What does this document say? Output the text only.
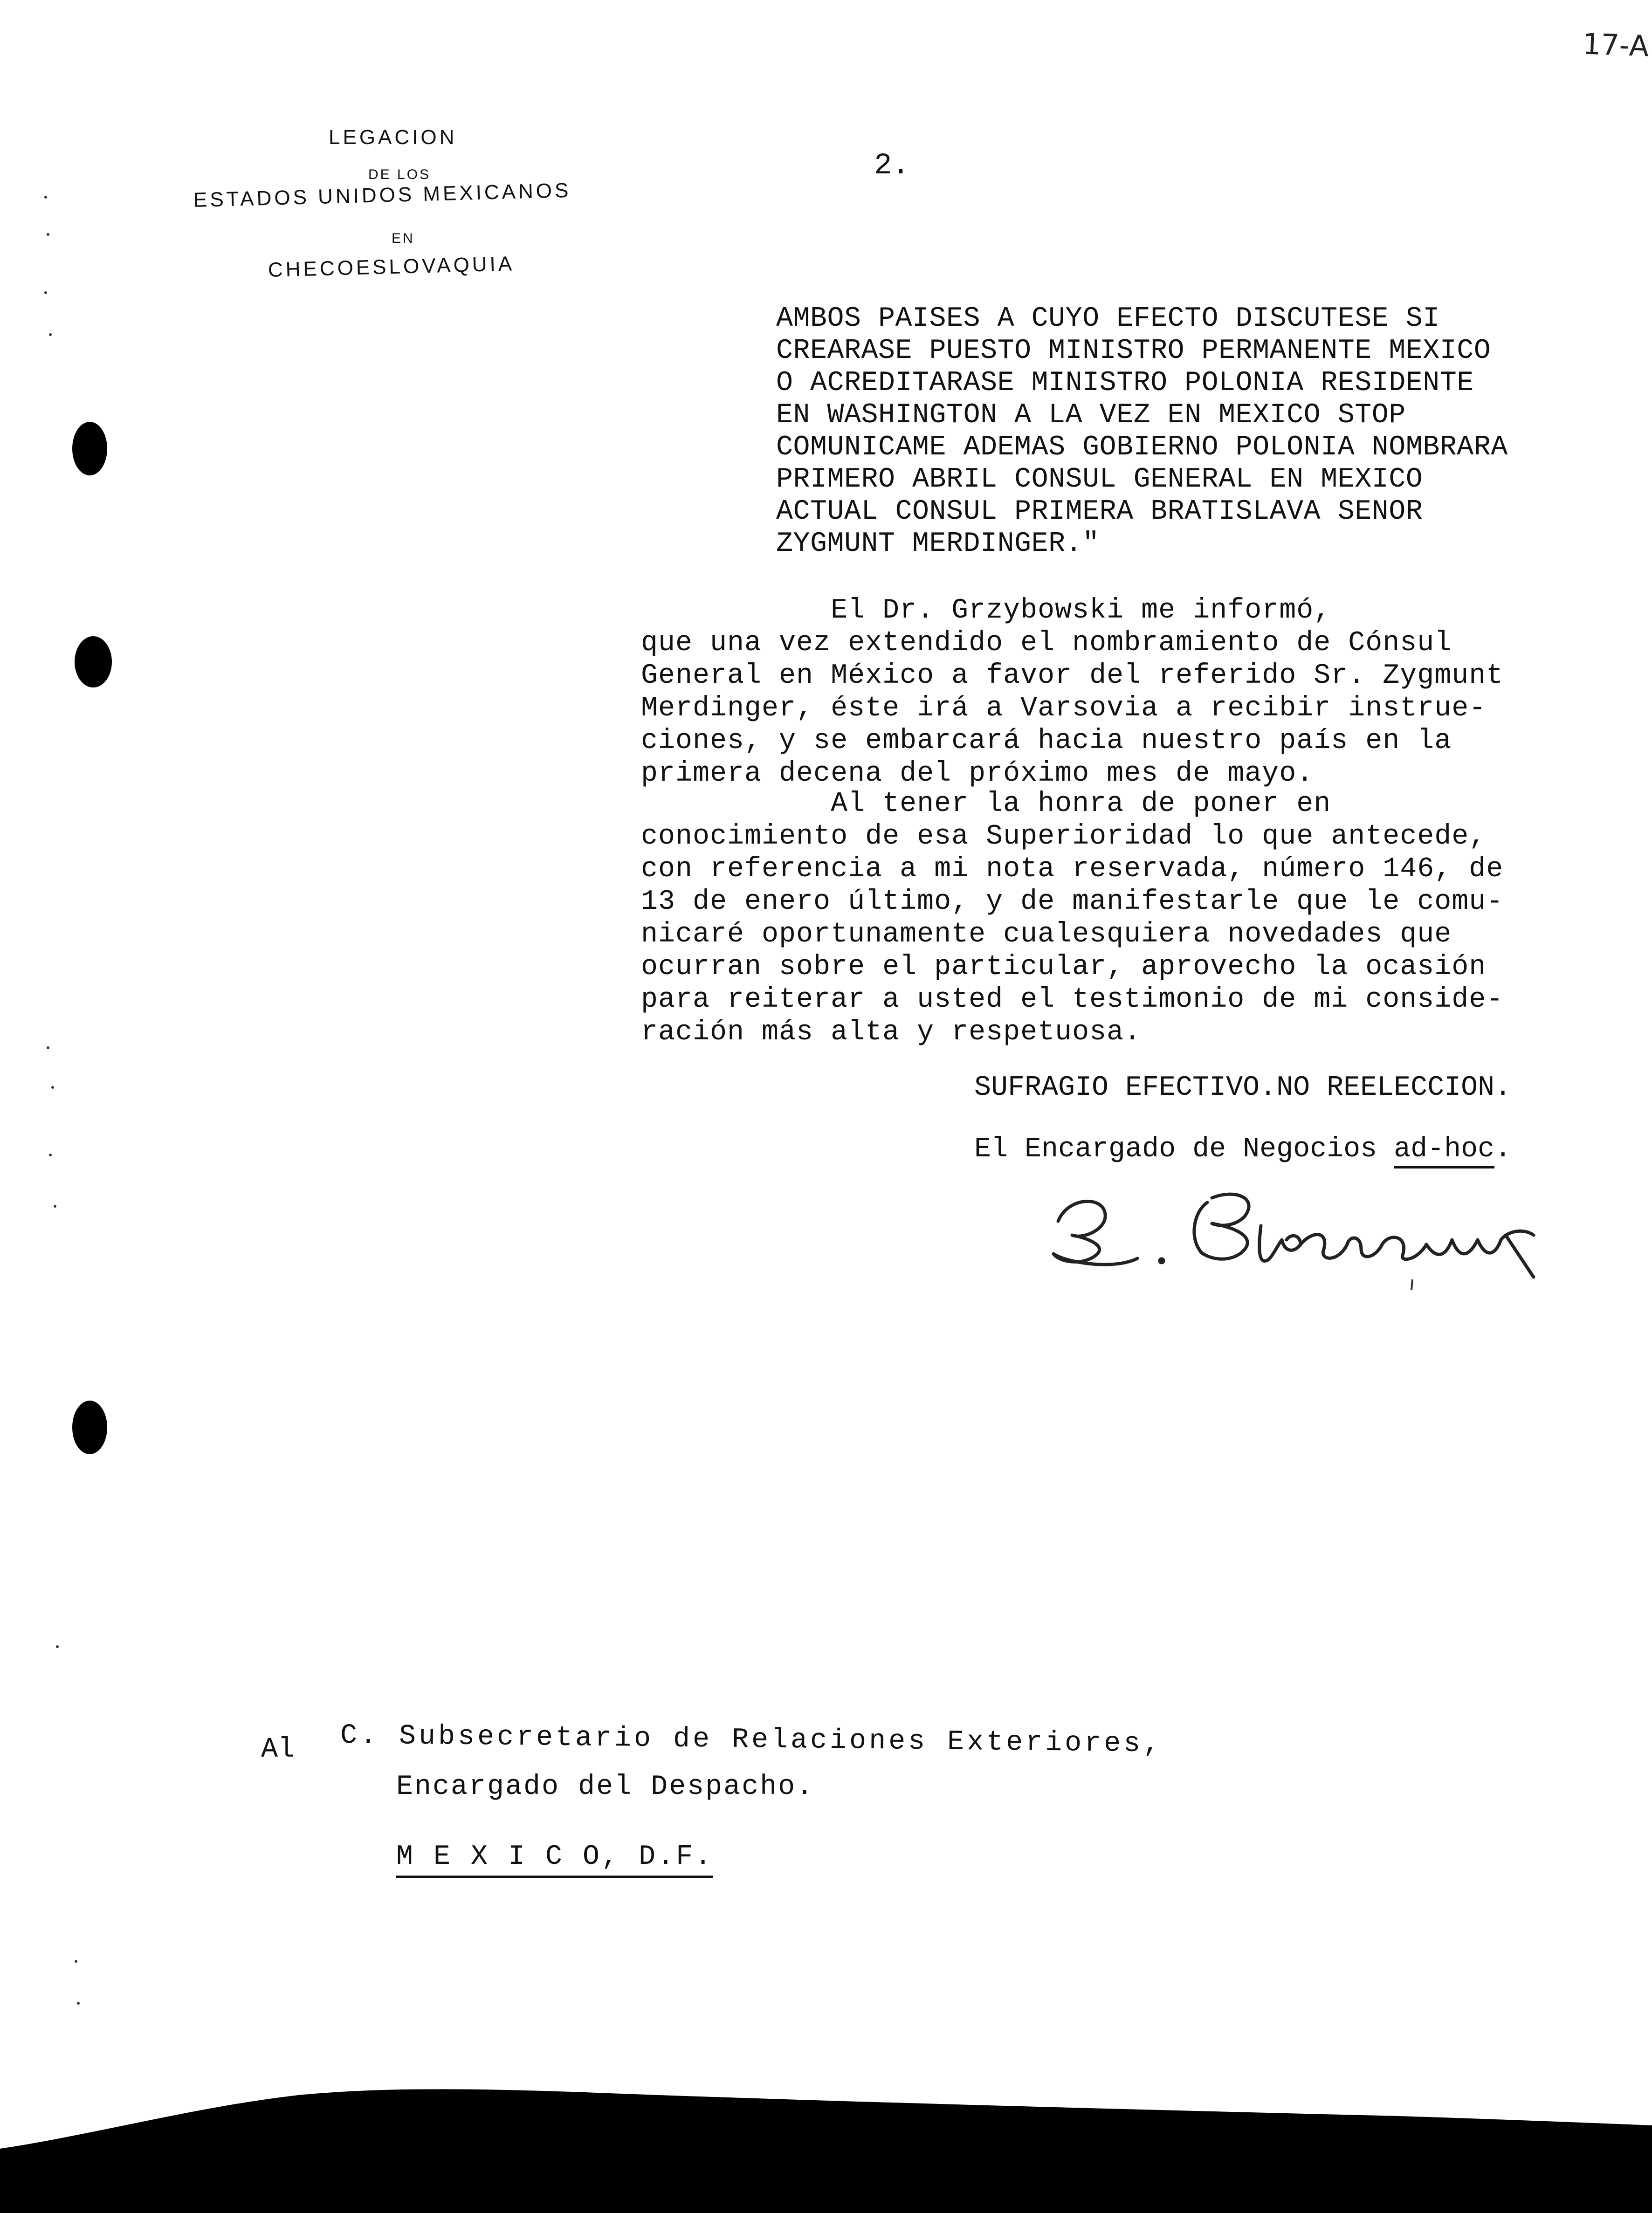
17-A
LEGACION
DE LOS
ESTADOS UNIDOS MEXICANOS
EN
CHECOESLOVAQUIA
2.
AMBOS PAISES A CUYO EFECTO DISCUTESE SI
CREARASE PUESTO MINISTRO PERMANENTE MEXICO
O ACREDITARASE MINISTRO POLONIA RESIDENTE
EN WASHINGTON A LA VEZ EN MEXICO STOP
COMUNICAME ADEMAS GOBIERNO POLONIA NOMBRARA
PRIMERO ABRIL CONSUL GENERAL EN MEXICO
ACTUAL CONSUL PRIMERA BRATISLAVA SENOR
ZYGMUNT MERDINGER."
El Dr. Grzybowski me informó,
que una vez extendido el nombramiento de Cónsul
General en México a favor del referido Sr. Zygmunt
Merdinger, éste irá a Varsovia a recibir instrue-
ciones, y se embarcará hacia nuestro país en la
primera decena del próximo mes de mayo.
Al tener la honra de poner en
conocimiento de esa Superioridad lo que antecede,
con referencia a mi nota reservada, número 146, de
13 de enero último, y de manifestarle que le comu-
nicaré oportunamente cualesquiera novedades que
ocurran sobre el particular, aprovecho la ocasión
para reiterar a usted el testimonio de mi conside-
ración más alta y respetuosa.
SUFRAGIO EFECTIVO.NO REELECCION.
El Encargado de Negocios ad-hoc.
Al C. Subsecretario de Relaciones Exteriores,
Encargado del Despacho.
M E X I C O, D.F.
